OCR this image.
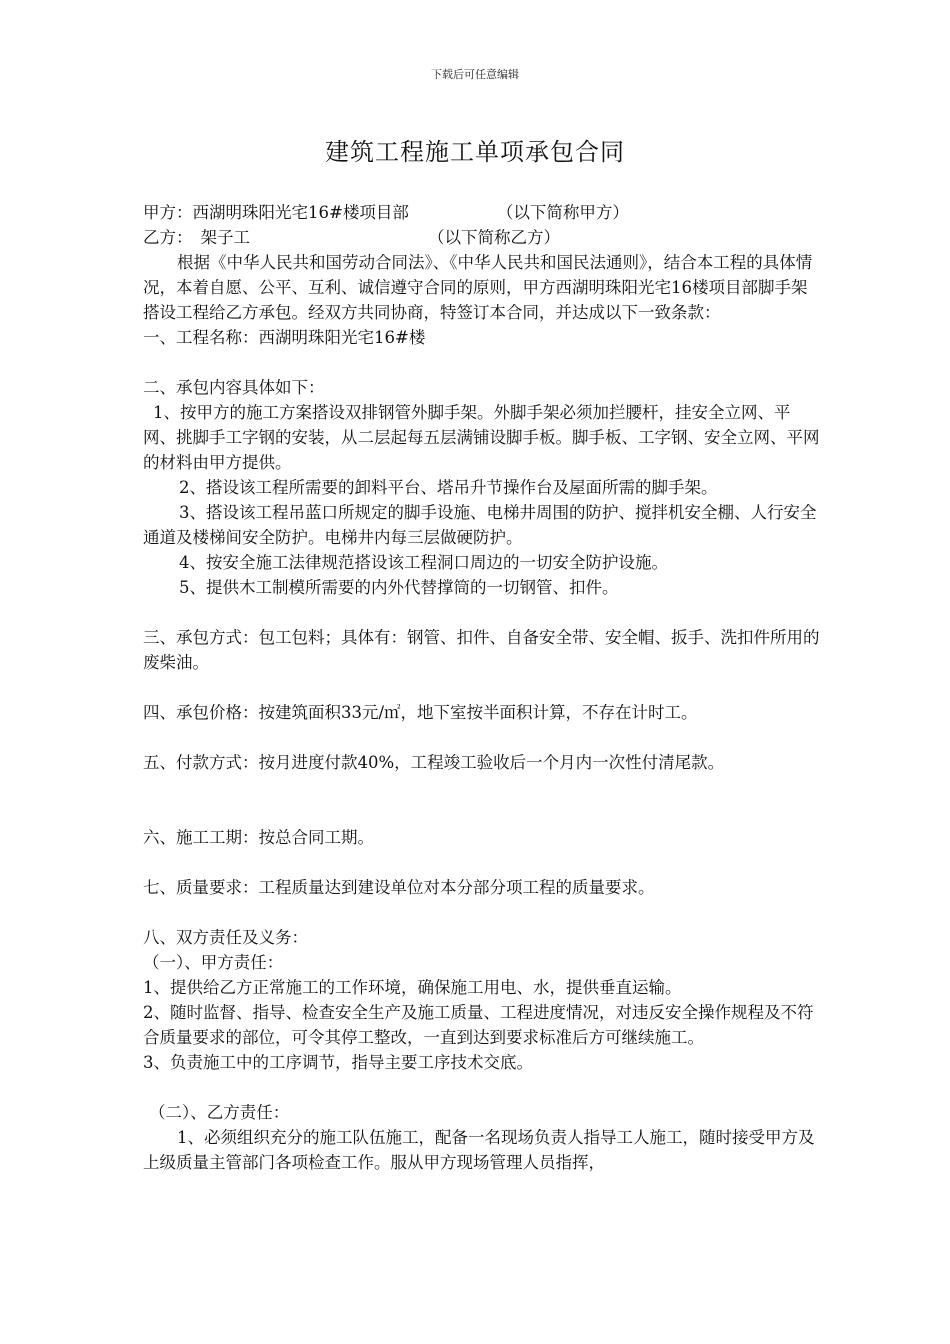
下载后可任意编辑
建筑工程施工单项承包合同
甲方：西湖明珠阳光宅16#楼项目部	（以下简称甲方）
乙方： 架子工	（以下简称乙方）
根据《中华人民共和国劳动合同法》、《中华人民共和国民法通则》，结合本工程的具体情况，本着自愿、公平、互利、诚信遵守合同的原则，甲方西湖明珠阳光宅16楼项目部脚手架搭设工程给乙方承包。经双方共同协商，特签订本合同，并达成以下一致条款：
一、工程名称：西湖明珠阳光宅16#楼
二、承包内容具体如下：
1、按甲方的施工方案搭设双排钢管外脚手架。外脚手架必须加拦腰杆，挂安全立网、平网、挑脚手工字钢的安装，从二层起每五层满铺设脚手板。脚手板、工字钢、安全立网、平网的材料由甲方提供。
2、搭设该工程所需要的卸料平台、塔吊升节操作台及屋面所需的脚手架。
3、搭设该工程吊蓝口所规定的脚手设施、电梯井周围的防护、搅拌机安全棚、人行安全通道及楼梯间安全防护。电梯井内每三层做硬防护。
4、按安全施工法律规范搭设该工程洞口周边的一切安全防护设施。
5、提供木工制模所需要的内外代替撑筒的一切钢管、扣件。
三、承包方式：包工包料；具体有：钢管、扣件、自备安全带、安全帽、扳手、洗扣件所用的废柴油。
四、承包价格：按建筑面积33元/㎡，地下室按半面积计算，不存在计时工。
五、付款方式：按月进度付款40%，工程竣工验收后一个月内一次性付清尾款。
六、施工工期：按总合同工期。
七、质量要求：工程质量达到建设单位对本分部分项工程的质量要求。
八、双方责任及义务：
（一）、甲方责任：
1、提供给乙方正常施工的工作环境，确保施工用电、水，提供垂直运输。
2、随时监督、指导、检查安全生产及施工质量、工程进度情况，对违反安全操作规程及不符合质量要求的部位，可令其停工整改，一直到达到要求标准后方可继续施工。
3、负责施工中的工序调节，指导主要工序技术交底。
（二）、乙方责任：
1、必须组织充分的施工队伍施工，配备一名现场负责人指导工人施工，随时接受甲方及上级质量主管部门各项检查工作。服从甲方现场管理人员指挥，
